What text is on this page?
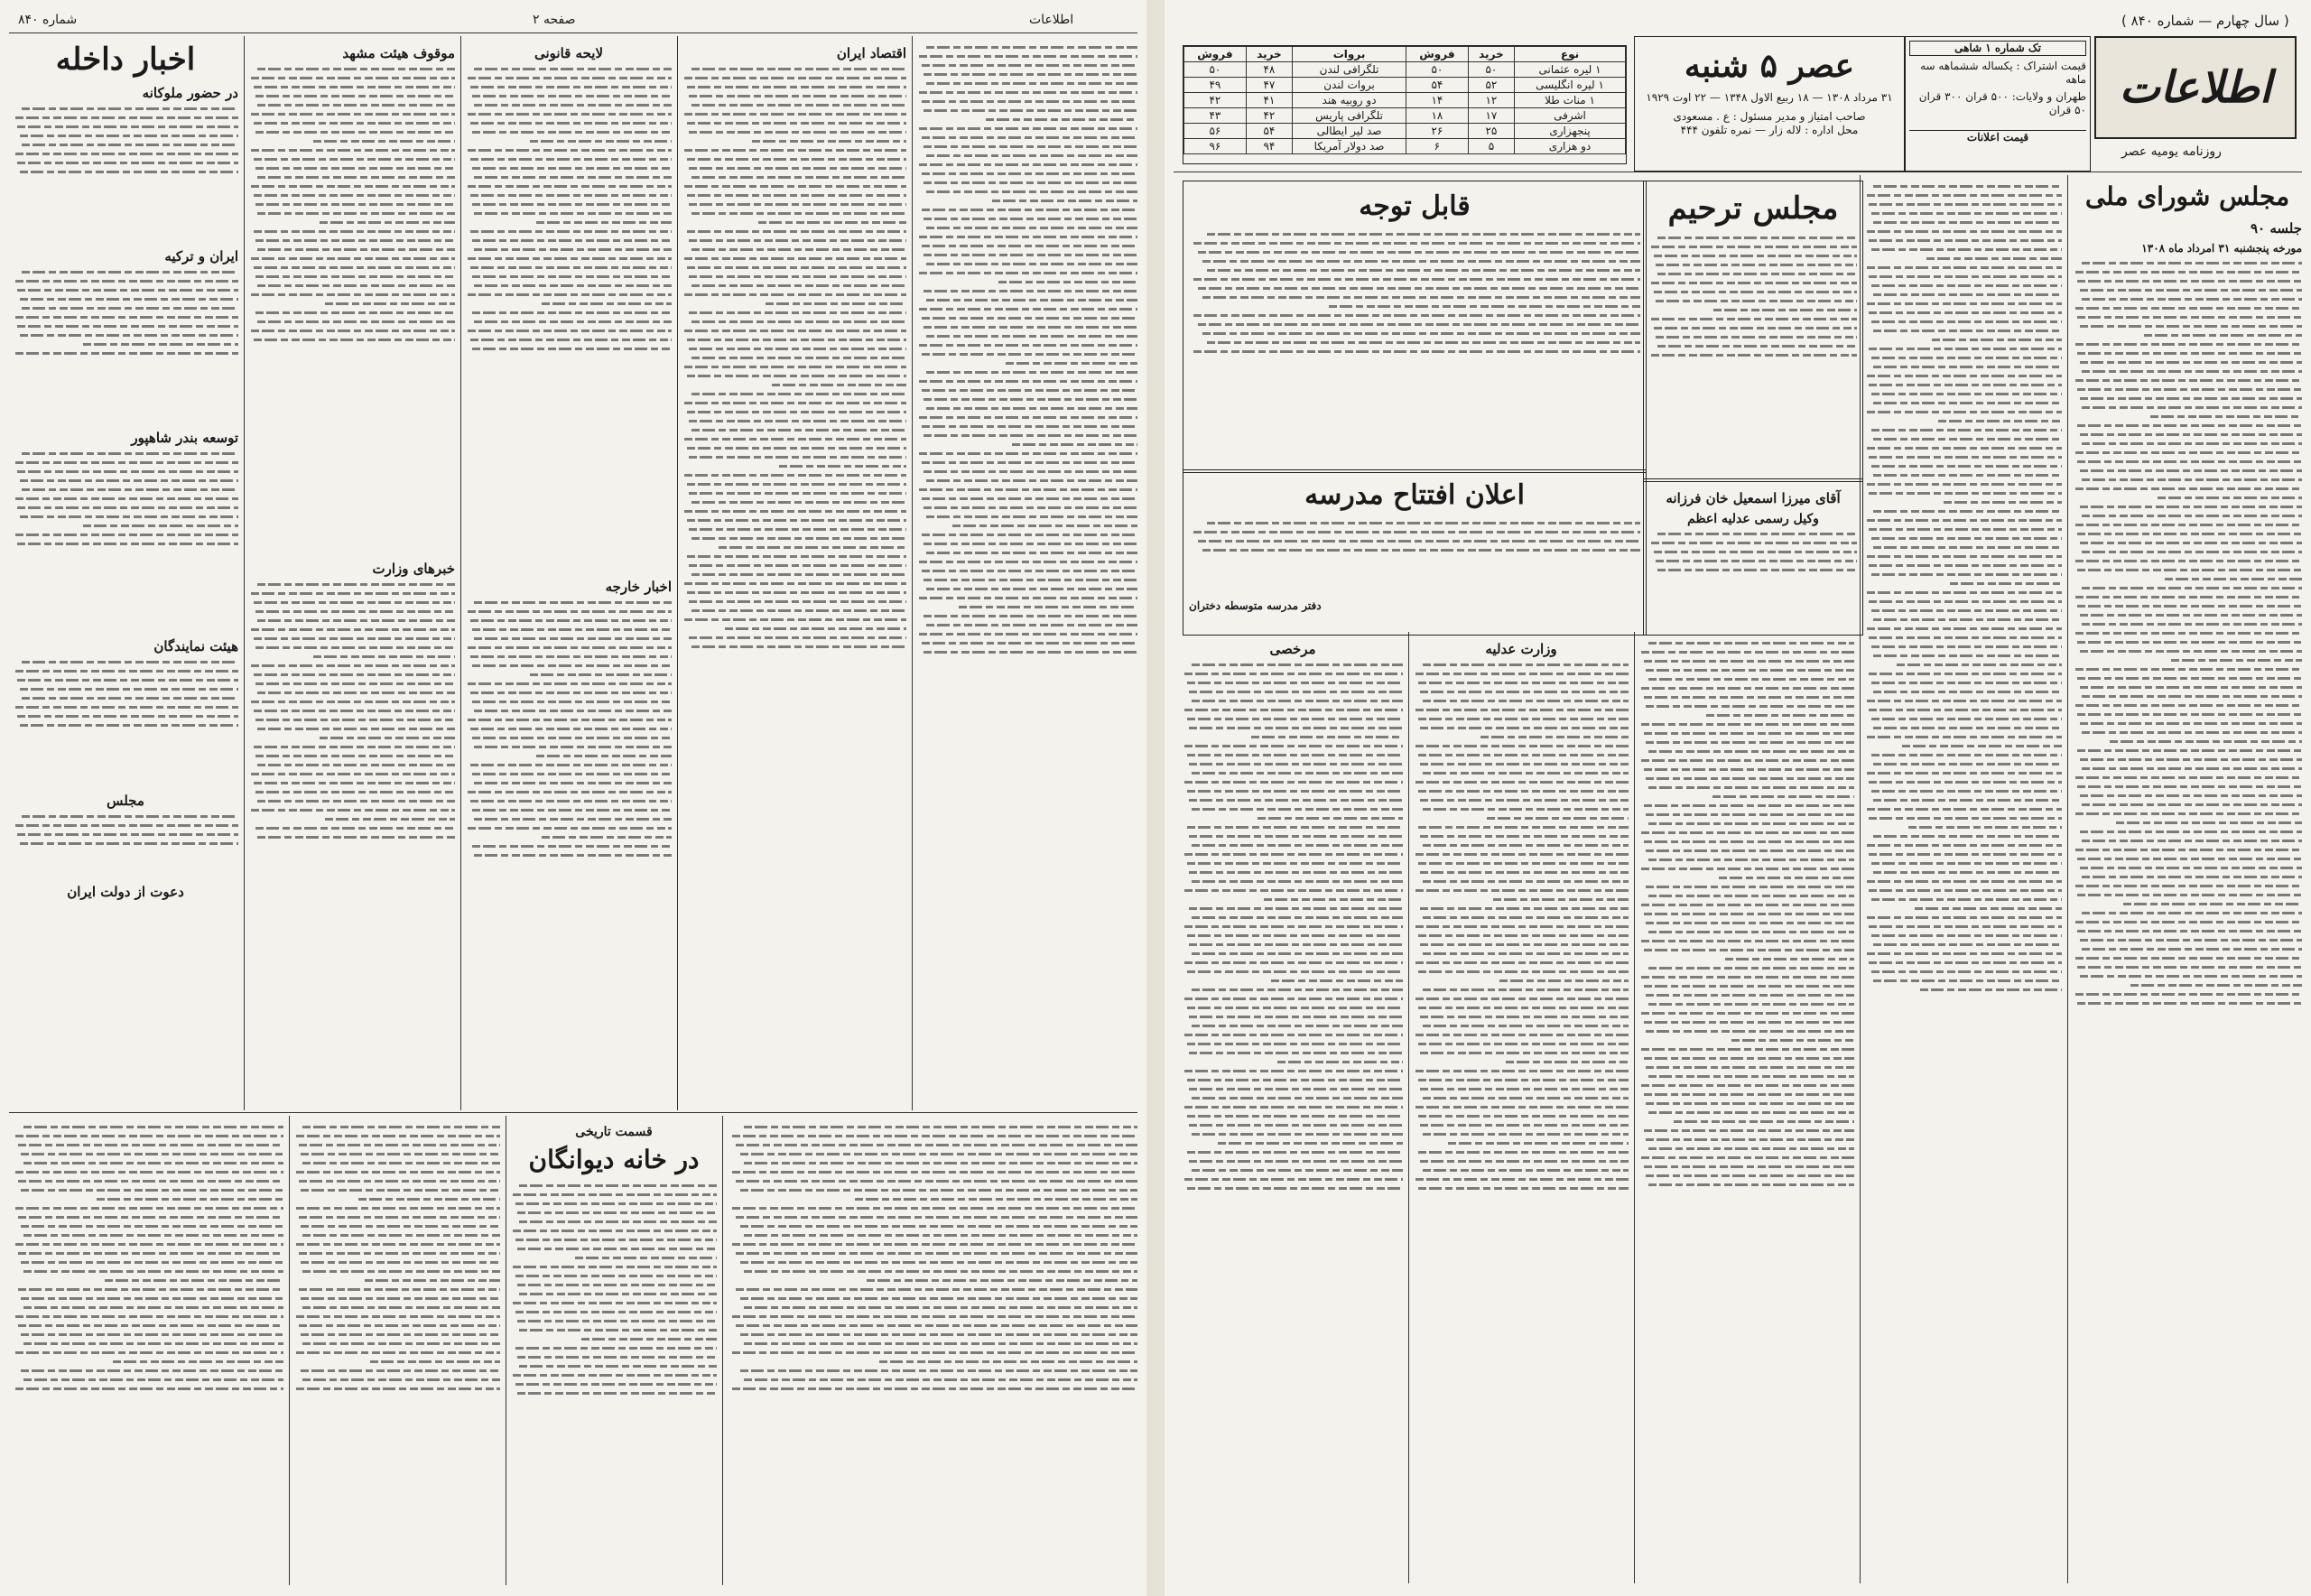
شماره ۸۴۰	صفحه ۲	اطلاعات
اخبار داخله
در حضور ملوکانه
ایران و ترکیه
توسعه بندر شاهپور
هیئت نمایندگان
مجلس
دعوت از دولت ایران
موقوف هیئت مشهد
خبرهای وزارت
لایحه قانونی
اخبار خارجه
اقتصاد ایران
قسمت تاریخی
در خانه دیوانگان
( سال چهارم — شماره ۸۴۰ )
اطلاعات
روزنامه یومیه عصر
تک شماره ۱ شاهی
قیمت اشتراک : یکساله ششماهه سه ماهه
طهران و ولایات: ۵۰۰ قران ۳۰۰ قران ۵۰ قران
قیمت اعلانات
عصر ۵ شنبه
۳۱ مرداد ۱۳۰۸ — ۱۸ ربیع الاول ۱۳۴۸ — ۲۲ اوت ۱۹۲۹
صاحب امتیاز و مدیر مسئول : ع . مسعودی
محل اداره : لاله زار — نمره تلفون ۴۴۴
نوع	خرید	فروش	بروات	خرید	فروش
۱ لیره عثمانی	۵۰	۵۰	تلگرافی لندن	۴۸	۵۰
۱ لیره انگلیسی	۵۲	۵۴	بروات لندن	۴۷	۴۹
۱ منات طلا	۱۲	۱۴	دو روبیه هند	۴۱	۴۲
اشرفی	۱۷	۱۸	تلگرافی پاریس	۴۲	۴۳
پنجهزاری	۲۵	۲۶	صد لیر ایطالی	۵۴	۵۶
دو هزاری	۵	۶	صد دولار آمریکا	۹۴	۹۶
مجلس شورای ملی
جلسه ۹۰
مورخه پنجشنبه ۳۱ امرداد ماه ۱۳۰۸
مجلس ترحیم
آقای میرزا اسمعیل خان فرزانه
وکیل رسمی عدلیه اعظم
قابل توجه
اعلان افتتاح مدرسه
دفتر مدرسه متوسطه دختران
وزارت عدلیه
مرخصی
